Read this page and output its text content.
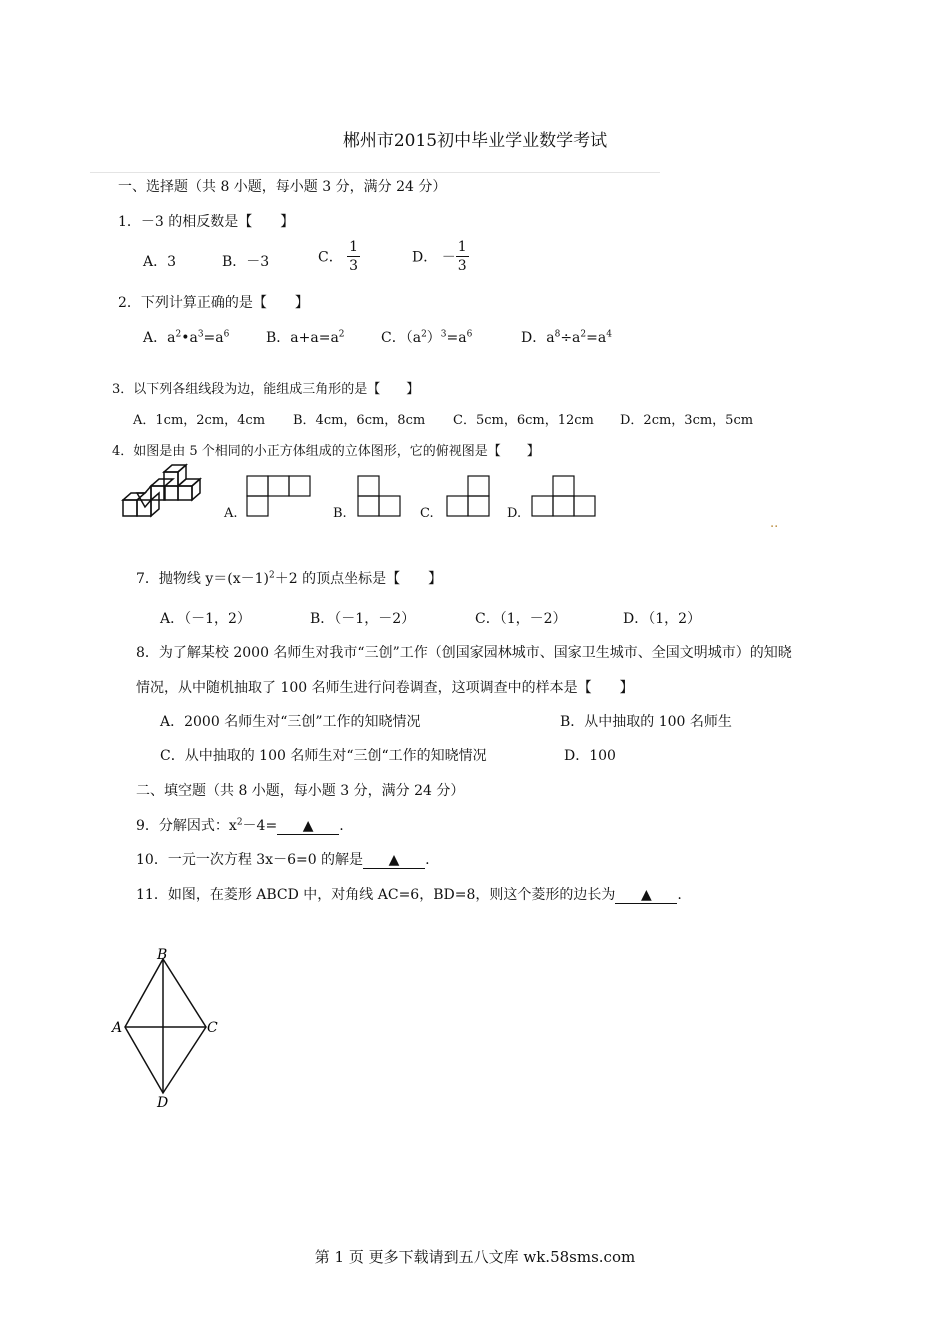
郴州市2015初中毕业学业数学考试
一、选择题（共 8 小题，每小题 3 分，满分 24 分）
1．－3 的相反数是【　　】
A．3	B．－3	C． $\frac{1}{3}$	D． － $\frac{1}{3}$
2．下列计算正确的是【　　】
A．$a^2•a^3=a^6$	B．$a+a=a^2$	C．$(a^2)^3=a^6$	D．$a^8\div a^2=a^4$
3．以下列各组线段为边，能组成三角形的是【　　】
A．1cm，2cm，4cm B．4cm，6cm，8cm C．5cm，6cm，12cm D．2cm，3cm，5cm
4．如图是由 5 个相同的小正方体组成的立体图形，它的俯视图是【　　】
A.	B.	C.	D.
..
7．抛物线 $y=(x-1)^2+2$ 的顶点坐标是【　　】
A．（－1，2）	B．（－1，－2）	C．（1，－2）	D．（1，2）
8．为了解某校 2000 名师生对我市“三创”工作（创国家园林城市、国家卫生城市、全国文明城市）的知晓
情况，从中随机抽取了 100 名师生进行问卷调查，这项调查中的样本是【　　】
A．2000 名师生对“三创”工作的知晓情况	B．从中抽取的 100 名师生
C．从中抽取的 100 名师生对“三创“工作的知晓情况	D．100
二、填空题（共 8 小题，每小题 3 分，满分 24 分）
9．分解因式：$x^2-4=$ ▲ .
10．一元一次方程 3x－6=0 的解是 ▲ .
11．如图，在菱形 ABCD 中，对角线 AC=6，BD=8，则这个菱形的边长为 ▲ .
B
A	C
D
第 1 页 更多下载请到五八文库 wk.58sms.com
